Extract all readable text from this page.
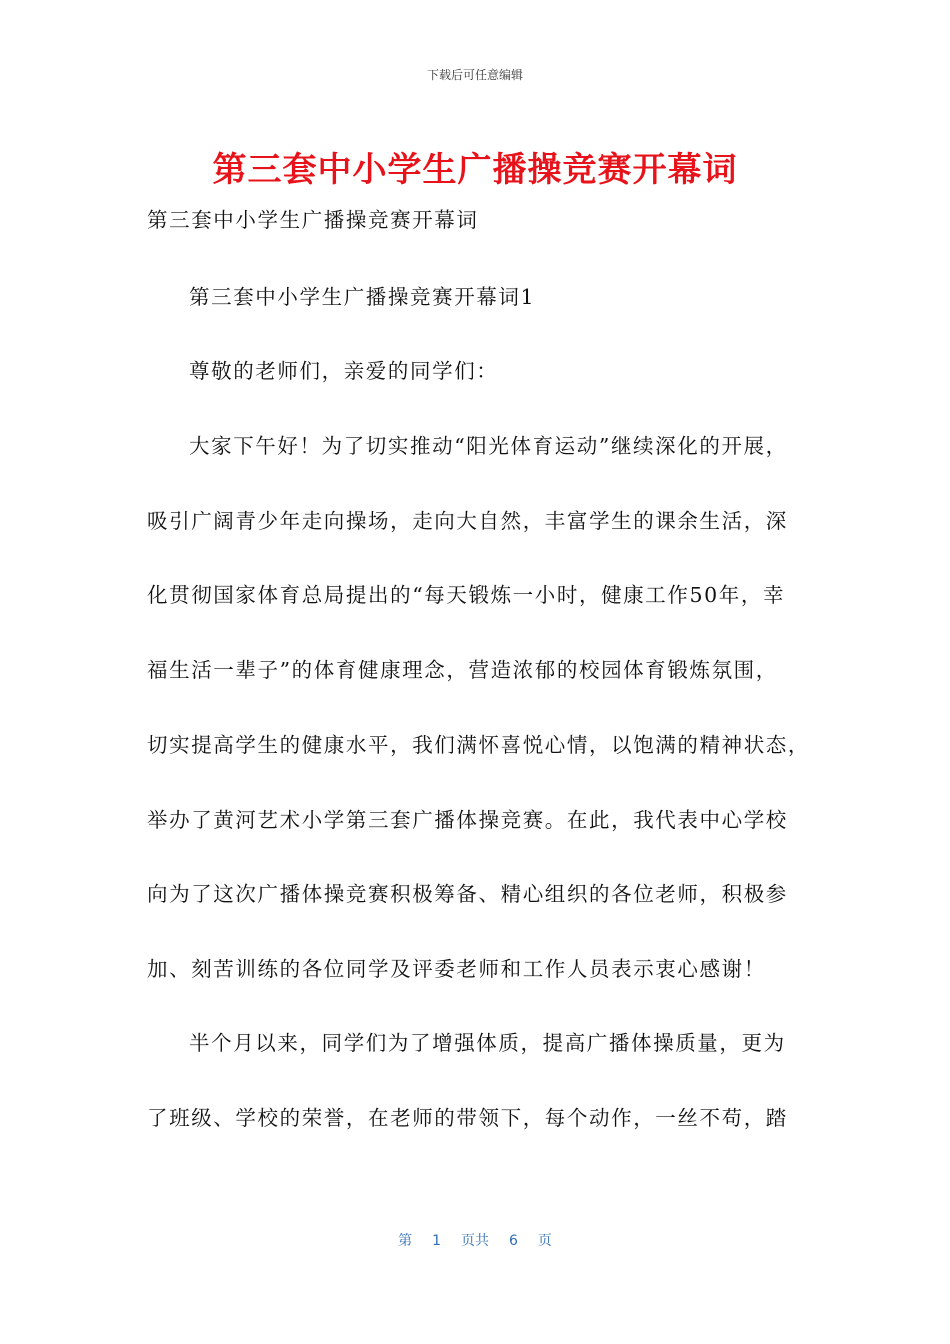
下载后可任意编辑
第三套中小学生广播操竞赛开幕词
第三套中小学生广播操竞赛开幕词
第三套中小学生广播操竞赛开幕词1
尊敬的老师们，亲爱的同学们：
大家下午好！为了切实推动“阳光体育运动”继续深化的开展，
吸引广阔青少年走向操场，走向大自然，丰富学生的课余生活，深
化贯彻国家体育总局提出的“每天锻炼一小时，健康工作50年，幸
福生活一辈子”的体育健康理念，营造浓郁的校园体育锻炼氛围，
切实提高学生的健康水平，我们满怀喜悦心情，以饱满的精神状态，
举办了黄河艺术小学第三套广播体操竞赛。在此，我代表中心学校
向为了这次广播体操竞赛积极筹备、精心组织的各位老师，积极参
加、刻苦训练的各位同学及评委老师和工作人员表示衷心感谢！
半个月以来，同学们为了增强体质，提高广播体操质量，更为
了班级、学校的荣誉，在老师的带领下，每个动作，一丝不苟，踏
第 1 页共 6 页
